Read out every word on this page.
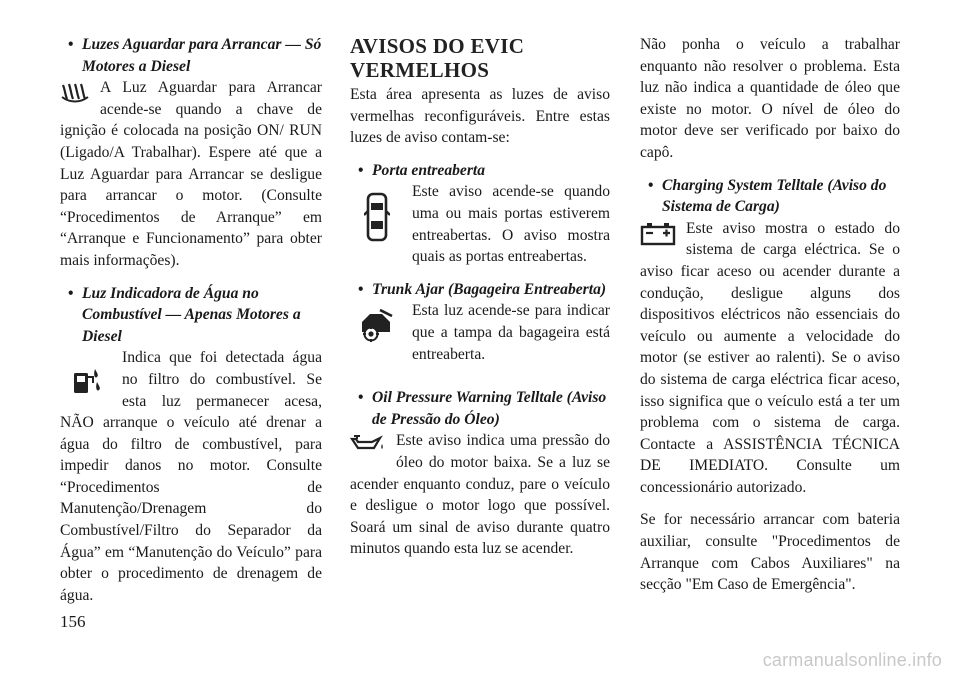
• Luzes Aguardar para Arrancar — Só Motores a Diesel

A Luz Aguardar para Arrancar acende-se quando a chave de ignição é colocada na posição ON/ RUN (Ligado/A Trabalhar). Espere até que a Luz Aguardar para Arrancar se desligue para arrancar o motor. (Consulte “Procedimentos de Arranque” em “Arranque e Funcionamento” para obter mais informações).

• Luz Indicadora de Água no Combustível — Apenas Motores a Diesel

Indica que foi detectada água no filtro do combustível. Se esta luz permanecer acesa, NÃO arranque o veículo até drenar a água do filtro de combustível, para impedir danos no motor. Consulte “Procedimentos de Manutenção/Drenagem do Combustível/Filtro do Separador da Água” em “Manutenção do Veículo” para obter o procedimento de drenagem de água.

AVISOS DO EVIC VERMELHOS

Esta área apresenta as luzes de aviso vermelhas reconfiguráveis. Entre estas luzes de aviso contam-se:

• Porta entreaberta

Este aviso acende-se quando uma ou mais portas estiverem entreabertas. O aviso mostra quais as portas entreabertas.

• Trunk Ajar (Bagageira Entreaberta)

Esta luz acende-se para indicar que a tampa da bagageira está entreaberta.

• Oil Pressure Warning Telltale (Aviso de Pressão do Óleo)

Este aviso indica uma pressão do óleo do motor baixa. Se a luz se acender enquanto conduz, pare o veículo e desligue o motor logo que possível. Soará um sinal de aviso durante quatro minutos quando esta luz se acender.

Não ponha o veículo a trabalhar enquanto não resolver o problema. Esta luz não indica a quantidade de óleo que existe no motor. O nível de óleo do motor deve ser verificado por baixo do capô.

• Charging System Telltale (Aviso do Sistema de Carga)

Este aviso mostra o estado do sistema de carga eléctrica. Se o aviso ficar aceso ou acender durante a condução, desligue alguns dos dispositivos eléctricos não essenciais do veículo ou aumente a velocidade do motor (se estiver ao ralenti). Se o aviso do sistema de carga eléctrica ficar aceso, isso significa que o veículo está a ter um problema com o sistema de carga. Contacte a ASSISTÊNCIA TÉCNICA DE IMEDIATO. Consulte um concessionário autorizado.

Se for necessário arrancar com bateria auxiliar, consulte "Procedimentos de Arranque com Cabos Auxiliares" na secção "Em Caso de Emergência".

156
carmanualsonline.info
